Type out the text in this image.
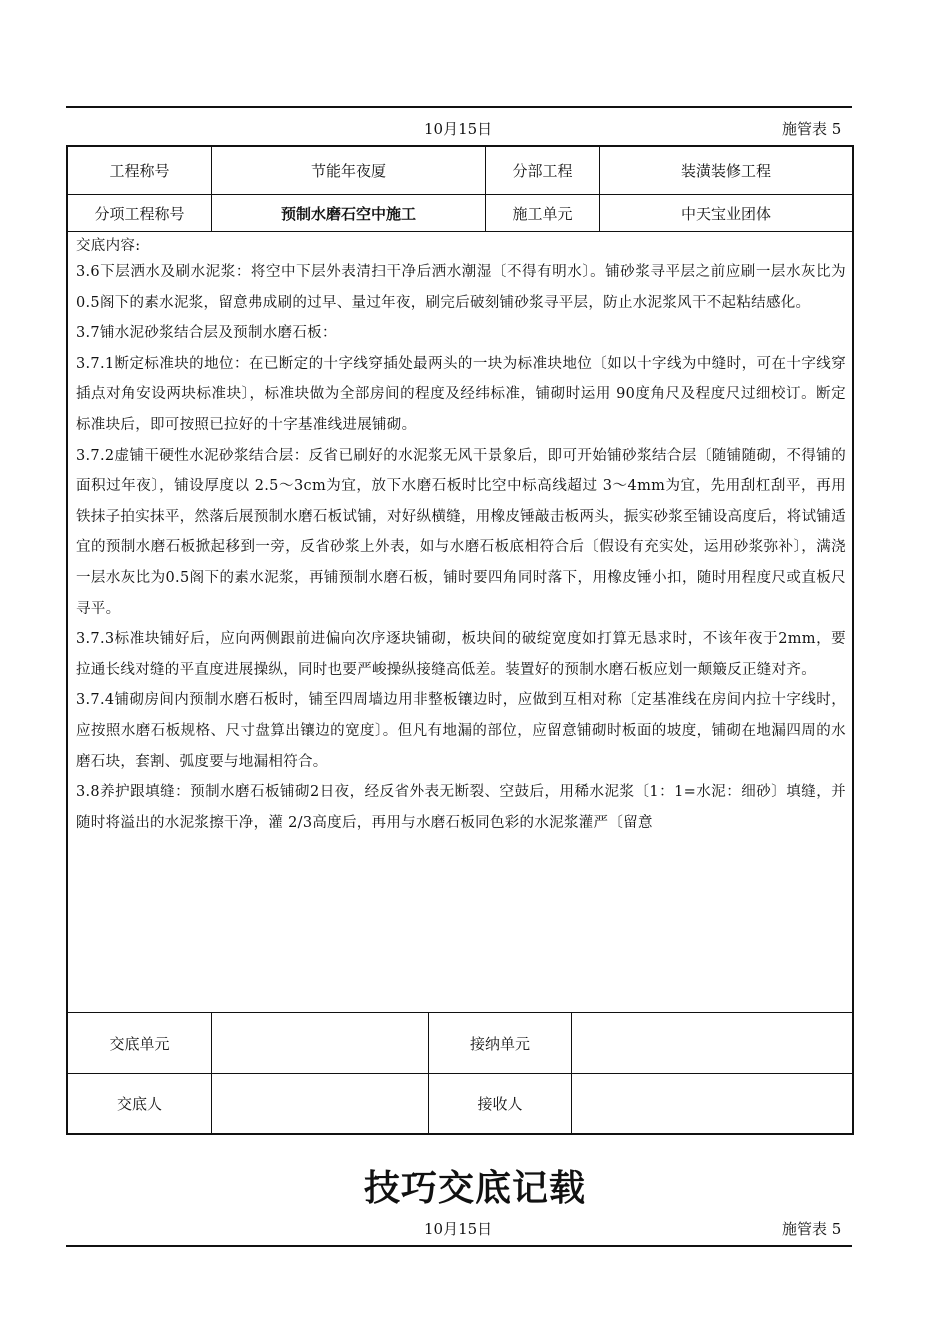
10月15日	施管表 5
工程称号	节能年夜厦	分部工程	装潢装修工程
分项工程称号	预制水磨石空中施工	施工单元	中天宝业团体

交底内容:

3.6下层洒水及刷水泥浆：将空中下层外表清扫干净后洒水潮湿〔不得有明水〕。铺砂浆寻平层之前应刷一层水灰比为0.5阁下的素水泥浆，留意弗成刷的过早、量过年夜，刷完后破刻铺砂浆寻平层，防止水泥浆风干不起粘结感化。

3.7铺水泥砂浆结合层及预制水磨石板：

3.7.1断定标准块的地位：在已断定的十字线穿插处最两头的一块为标准块地位〔如以十字线为中缝时，可在十字线穿插点对角安设两块标准块〕，标准块做为全部房间的程度及经纬标准，铺砌时运用 90度角尺及程度尺过细校订。断定标准块后，即可按照已拉好的十字基准线进展铺砌。

3.7.2虚铺干硬性水泥砂浆结合层：反省已刷好的水泥浆无风干景象后，即可开始铺砂浆结合层〔随铺随砌，不得铺的面积过年夜〕，铺设厚度以 2.5～3cm为宜，放下水磨石板时比空中标高线超过 3～4mm为宜，先用刮杠刮平，再用铁抹子拍实抹平，然落后展预制水磨石板试铺，对好纵横缝，用橡皮锤敲击板两头，振实砂浆至铺设高度后，将试铺适宜的预制水磨石板掀起移到一旁，反省砂浆上外表，如与水磨石板底相符合后〔假设有充实处，运用砂浆弥补〕，满浇一层水灰比为0.5阁下的素水泥浆，再铺预制水磨石板，铺时要四角同时落下，用橡皮锤小扣，随时用程度尺或直板尺寻平。

3.7.3标准块铺好后，应向两侧跟前进偏向次序逐块铺砌，板块间的破绽宽度如打算无恳求时，不该年夜于2mm，要拉通长线对缝的平直度进展操纵，同时也要严峻操纵接缝高低差。装置好的预制水磨石板应划一颠簸反正缝对齐。

3.7.4铺砌房间内预制水磨石板时，铺至四周墙边用非整板镶边时，应做到互相对称〔定基准线在房间内拉十字线时，应按照水磨石板规格、尺寸盘算出镶边的宽度〕。但凡有地漏的部位，应留意铺砌时板面的坡度，铺砌在地漏四周的水磨石块，套割、弧度要与地漏相符合。

3.8养护跟填缝：预制水磨石板铺砌2日夜，经反省外表无断裂、空鼓后，用稀水泥浆〔1：1=水泥：细砂〕填缝，并随时将溢出的水泥浆擦干净，灌 2/3高度后，再用与水磨石板同色彩的水泥浆灌严〔留意

交底单元	接纳单元
交底人	接收人
技巧交底记载
10月15日	施管表 5
